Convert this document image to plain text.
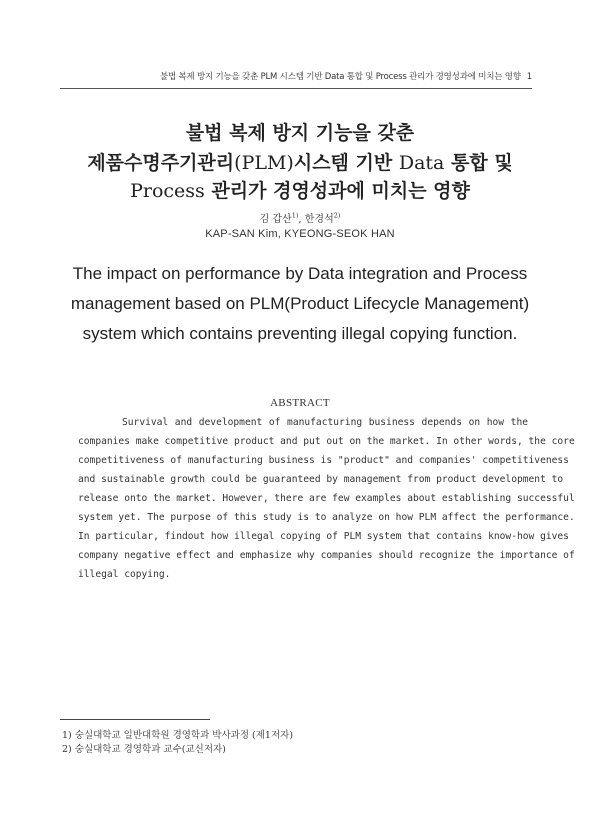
불법 복제 방지 기능을 갖춘 PLM 시스템 기반 Data 통합 및 Process 관리가 경영성과에 미치는 영향 1
불법 복제 방지 기능을 갖춘
제품수명주기관리(PLM)시스템 기반 Data 통합 및
Process 관리가 경영성과에 미치는 영향
김 갑산$^{1)}$, 한경석$^{2)}$
KAP-SAN Kim, KYEONG-SEOK HAN
The impact on performance by Data integration and Process
management based on PLM(Product Lifecycle Management)
system which contains preventing illegal copying function.
ABSTRACT
Survival and development of manufacturing business depends on how the
companies make competitive product and put out on the market. In other words, the core
competitiveness of manufacturing business is "product" and companies' competitiveness
and sustainable growth could be guaranteed by management from product development to
release onto the market. However, there are few examples about establishing successful
system yet. The purpose of this study is to analyze on how PLM affect the performance.
In particular, findout how illegal copying of PLM system that contains know-how gives
company negative effect and emphasize why companies should recognize the importance of
illegal copying.
1) 숭실대학교 일반대학원 경영학과 박사과정 (제1저자)
2) 숭실대학교 경영학과 교수(교신저자)
